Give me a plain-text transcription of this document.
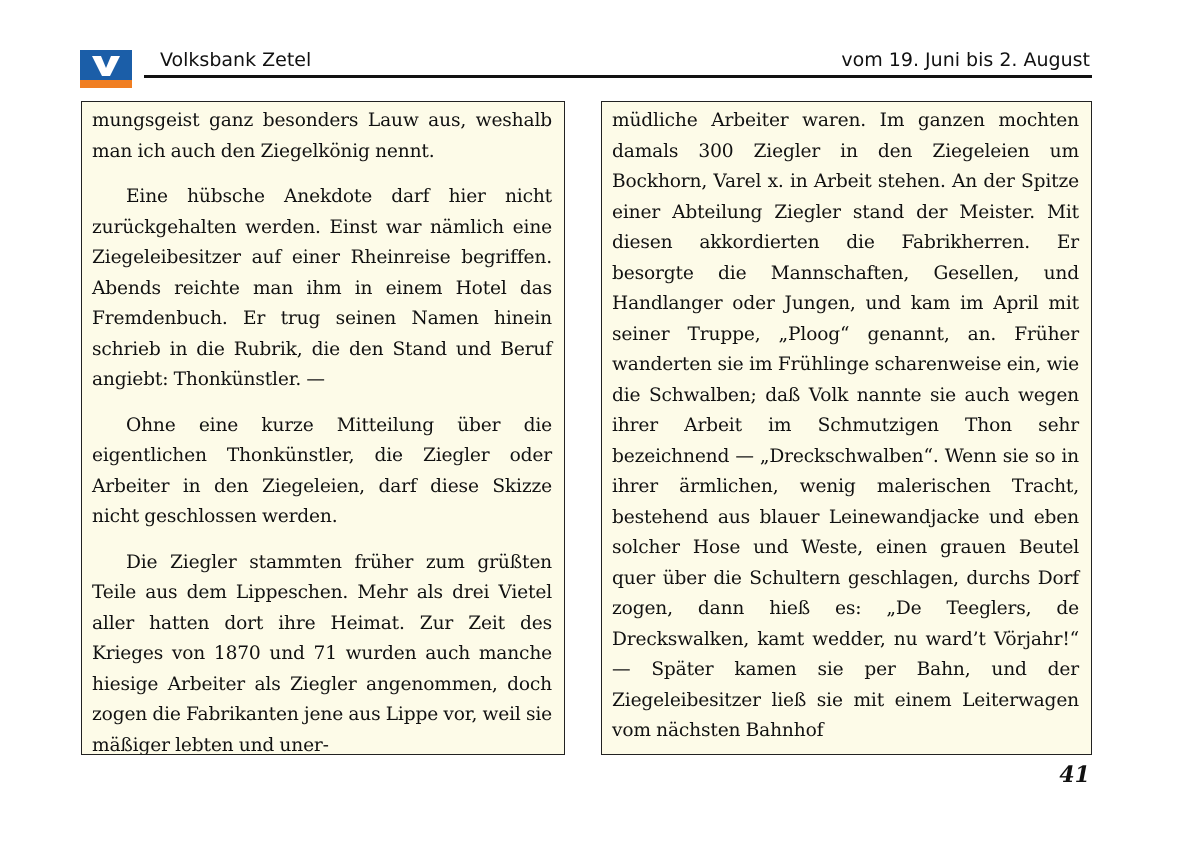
Volksbank Zetel	vom 19. Juni bis 2. August

mungsgeist ganz besonders Lauw aus, weshalb man ich auch den Ziegelkönig nennt.

Eine hübsche Anekdote darf hier nicht zurückgehalten werden. Einst war nämlich eine Ziegeleibesitzer auf einer Rheinreise begriffen. Abends reichte man ihm in einem Hotel das Fremdenbuch. Er trug seinen Namen hinein schrieb in die Rubrik, die den Stand und Beruf angiebt: Thonkünstler. —

Ohne eine kurze Mitteilung über die eigentlichen Thonkünstler, die Ziegler oder Arbeiter in den Ziegeleien, darf diese Skizze nicht geschlossen werden.

Die Ziegler stammten früher zum grüßten Teile aus dem Lippeschen. Mehr als drei Vietel aller hatten dort ihre Heimat. Zur Zeit des Krieges von 1870 und 71 wurden auch manche hiesige Arbeiter als Ziegler angenommen, doch zogen die Fabrikanten jene aus Lippe vor, weil sie mäßiger lebten und uner-

müdliche Arbeiter waren. Im ganzen mochten damals 300 Ziegler in den Ziegeleien um Bockhorn, Varel x. in Arbeit stehen. An der Spitze einer Abteilung Ziegler stand der Meister. Mit diesen akkordierten die Fabrikherren. Er besorgte die Mannschaften, Gesellen, und Handlanger oder Jungen, und kam im April mit seiner Truppe, „Ploog“ genannt, an. Früher wanderten sie im Frühlinge scharenweise ein, wie die Schwalben; daß Volk nannte sie auch wegen ihrer Arbeit im Schmutzigen Thon sehr bezeichnend — „Dreckschwalben“. Wenn sie so in ihrer ärmlichen, wenig malerischen Tracht, bestehend aus blauer Leinewandjacke und eben solcher Hose und Weste, einen grauen Beutel quer über die Schultern geschlagen, durchs Dorf zogen, dann hieß es: „De Teeglers, de Dreckswalken, kamt wedder, nu ward’t Vörjahr!“ — Später kamen sie per Bahn, und der Ziegeleibesitzer ließ sie mit einem Leiterwagen vom nächsten Bahnhof

41
